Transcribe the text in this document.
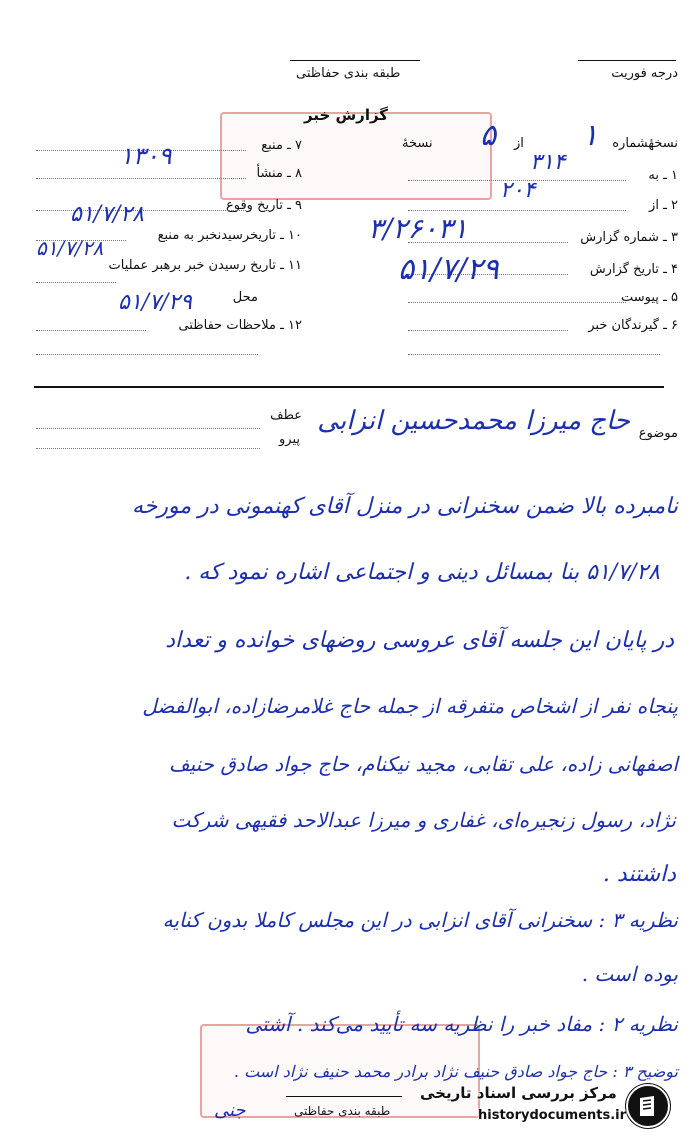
درجه فوریت
طبقه بندی حفاظتی
گزارش خبر
نسخهٔشماره
۱
از
۵
نسخهٔ
۱ ـ به
۳۱۴
۲ ـ از
۲۰۴
۳ ـ شماره گزارش
۳/۲۶۰۳۱
۴ ـ تاریخ گزارش
۵۱/۷/۲۹
۵ ـ پیوست
۶ ـ گیرندگان خبر
۷ ـ منبع
۱۳۰۹
۸ ـ منشأ
۹ ـ تاریخ وقوع
۵۱/۷/۲۸
۱۰ ـ تاریخرسیدنخبر به منبع
۵۱/۷/۲۸
۱۱ ـ تاریخ رسیدن خبر برهبر عملیات
محل
۵۱/۷/۲۹
۱۲ ـ ملاحظات حفاظتی
موضوع
حاج میرزا محمدحسین انزابی
عطف
پیرو
نامبرده بالا ضمن سخنرانی در منزل آقای کهنمونی در مورخه
۵۱/۷/۲۸ بنا بمسائل دینی و اجتماعی اشاره نمود که .
در پایان این جلسه آقای عروسی روضهای خوانده و تعداد
پنجاه نفر از اشخاص متفرقه از جمله حاج غلامرضازاده، ابوالفضل
اصفهانی زاده، علی تقابی، مجید نیکنام، حاج جواد صادق حنیف
نژاد، رسول زنجیره‌ای، غفاری و میرزا عبدالاحد فقیهی شرکت
داشتند .
نظریه ۳ : سخنرانی آقای انزابی در این مجلس کاملا بدون کنایه
بوده است .
نظریه ۲ : مفاد خبر را نظریه سه تأیید می‌کند . آشتی
توضیح ۳ : حاج جواد صادق حنیف نژاد برادر محمد حنیف نژاد است .
جنی	طبقه بندی حفاظتی
مرکز بررسی اسناد تاریخی
historydocuments.ir
